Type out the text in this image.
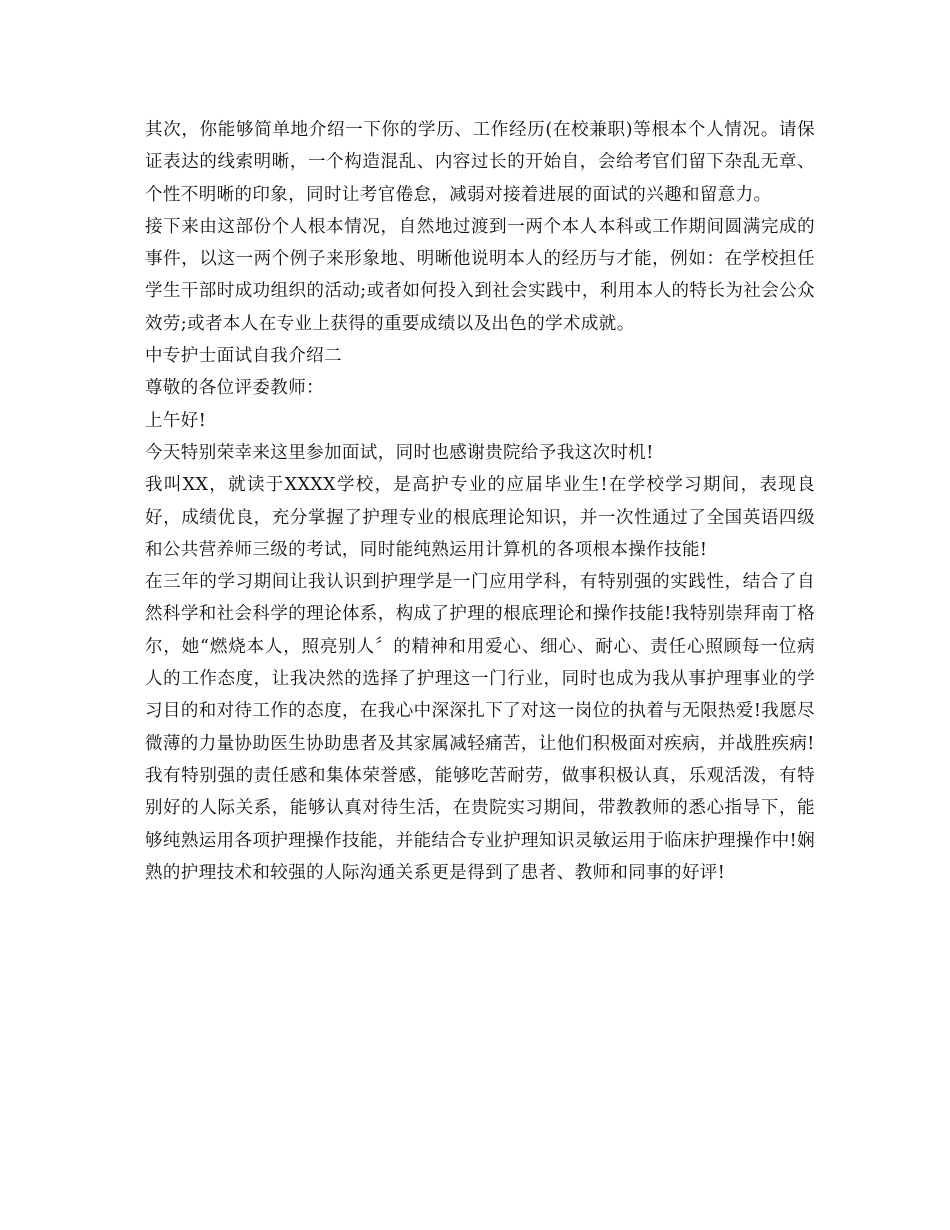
其次，你能够简单地介绍一下你的学历、工作经历(在校兼职)等根本个人情况。请保证表达的线索明晰，一个构造混乱、内容过长的开始自，会给考官们留下杂乱无章、个性不明晰的印象，同时让考官倦怠，减弱对接着进展的面试的兴趣和留意力。

接下来由这部份个人根本情况，自然地过渡到一两个本人本科或工作期间圆满完成的事件，以这一两个例子来形象地、明晰他说明本人的经历与才能，例如：在学校担任学生干部时成功组织的活动;或者如何投入到社会实践中，利用本人的特长为社会公众效劳;或者本人在专业上获得的重要成绩以及出色的学术成就。

中专护士面试自我介绍二

尊敬的各位评委教师：

上午好!

今天特别荣幸来这里参加面试，同时也感谢贵院给予我这次时机!

我叫XX，就读于XXXX学校，是高护专业的应届毕业生!在学校学习期间，表现良好，成绩优良，充分掌握了护理专业的根底理论知识，并一次性通过了全国英语四级和公共营养师三级的考试，同时能纯熟运用计算机的各项根本操作技能!

在三年的学习期间让我认识到护理学是一门应用学科，有特别强的实践性，结合了自然科学和社会科学的理论体系，构成了护理的根底理论和操作技能!我特别崇拜南丁格尔，她“燃烧本人，照亮别人〞的精神和用爱心、细心、耐心、责任心照顾每一位病人的工作态度，让我决然的选择了护理这一门行业，同时也成为我从事护理事业的学习目的和对待工作的态度，在我心中深深扎下了对这一岗位的执着与无限热爱!我愿尽微薄的力量协助医生协助患者及其家属减轻痛苦，让他们积极面对疾病，并战胜疾病!

我有特别强的责任感和集体荣誉感，能够吃苦耐劳，做事积极认真，乐观活泼，有特别好的人际关系，能够认真对待生活，在贵院实习期间，带教教师的悉心指导下，能够纯熟运用各项护理操作技能，并能结合专业护理知识灵敏运用于临床护理操作中!娴熟的护理技术和较强的人际沟通关系更是得到了患者、教师和同事的好评!
